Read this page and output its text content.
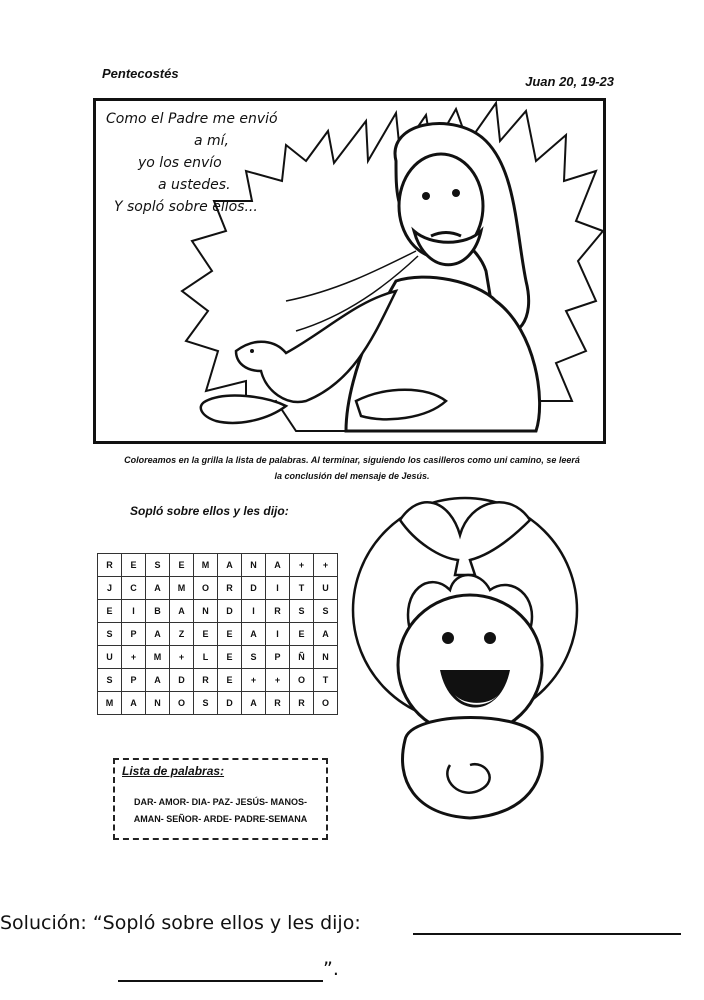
Pentecostés
Juan 20, 19-23
Como el Padre me envió
a mí,
yo los envío
a ustedes.
Y sopló sobre ellos...
Coloreamos en la grilla la lista de palabras. Al terminar, siguiendo los casilleros como uni camino, se leerá
la conclusión del mensaje de Jesús.
Sopló sobre ellos y les dijo:
R	E	S	E	M	A	N	A	+	+
J	C	A	M	O	R	D	I	T	U
E	I	B	A	N	D	I	R	S	S
S	P	A	Z	E	E	A	I	E	A
U	+	M	+	L	E	S	P	Ñ	N
S	P	A	D	R	E	+	+	O	T
M	A	N	O	S	D	A	R	R	O
Lista de palabras:
DAR- AMOR- DIA- PAZ- JESÚS- MANOS-
AMAN- SEÑOR- ARDE- PADRE-SEMANA
Solución: “Sopló sobre ellos y les dijo:
”.
